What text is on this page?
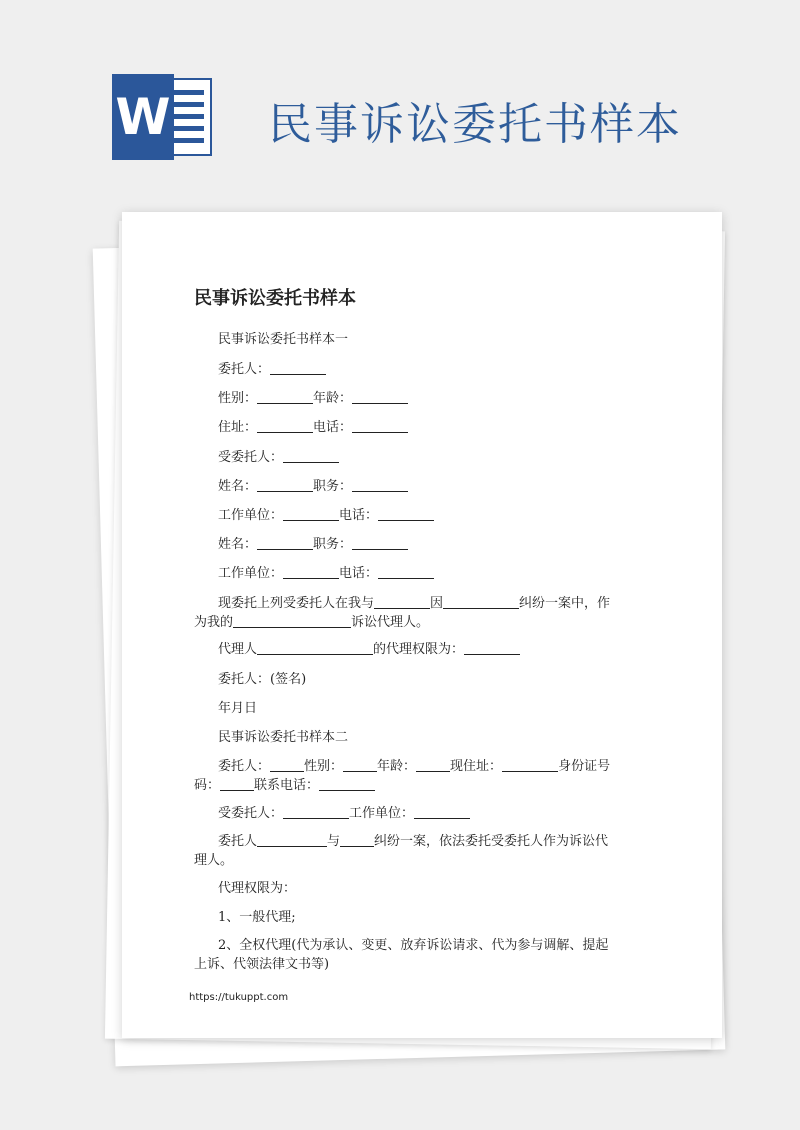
W 民事诉讼委托书样本
民事诉讼委托书样本
民事诉讼委托书样本一
委托人：
性别：	年龄：
住址：	电话：
受委托人：
姓名：	职务：
工作单位：	电话：
姓名：	职务：
工作单位：	电话：
现委托上列受委托人在我与	因	纠纷一案中，作为我的	诉讼代理人。
代理人	的代理权限为：
委托人：(签名)
年月日
民事诉讼委托书样本二
委托人：	性别：	年龄：	现住址：	身份证号码：	联系电话：
受委托人：	工作单位：
委托人	与	纠纷一案，依法委托受委托人作为诉讼代理人。
代理权限为：
1、一般代理;
2、全权代理(代为承认、变更、放弃诉讼请求、代为参与调解、提起上诉、代领法律文书等)
https://tukuppt.com
